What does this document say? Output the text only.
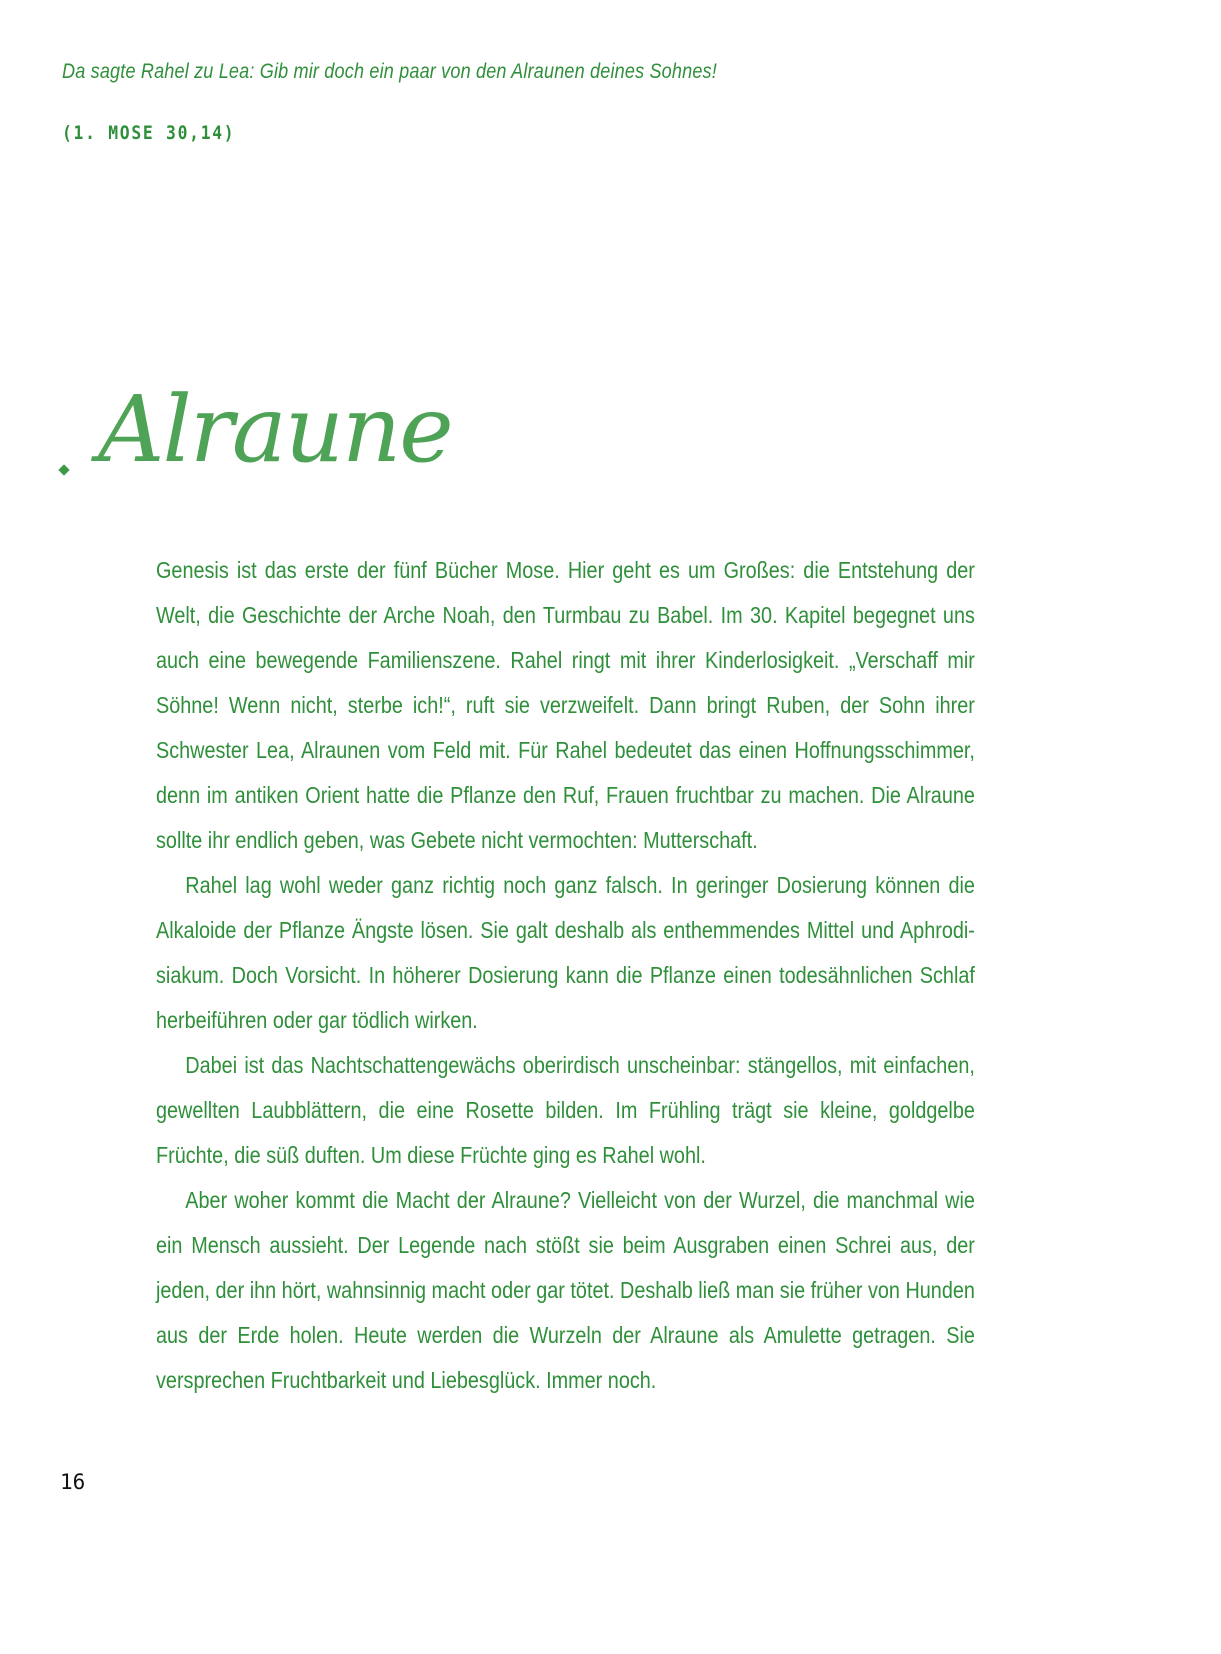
Da sagte Rahel zu Lea: Gib mir doch ein paar von den Alraunen deines Sohnes!
(1. MOSE 30,14)
Alraune

Genesis ist das erste der fünf Bücher Mose. Hier geht es um Großes: die Entstehung der Welt, die Geschichte der Arche Noah, den Turmbau zu Babel. Im 30. Kapitel begegnet uns auch eine bewegende Familienszene. Rahel ringt mit ihrer Kinderlosigkeit. „Verschaff mir Söhne! Wenn nicht, sterbe ich!“, ruft sie verzweifelt. Dann bringt Ruben, der Sohn ihrer Schwester Lea, Alraunen vom Feld mit. Für Rahel bedeutet das einen Hoffnungsschimmer, denn im antiken Orient hatte die Pflanze den Ruf, Frauen fruchtbar zu machen. Die Alraune sollte ihr endlich geben, was Gebete nicht vermochten: Mutterschaft.

Rahel lag wohl weder ganz richtig noch ganz falsch. In geringer Dosierung können die Alkaloide der Pflanze Ängste lösen. Sie galt deshalb als enthemmendes Mittel und Aphrodisiakum. Doch Vorsicht. In höherer Dosierung kann die Pflanze einen todesähnlichen Schlaf herbeiführen oder gar tödlich wirken.

Dabei ist das Nachtschattengewächs oberirdisch unscheinbar: stängellos, mit einfachen, gewellten Laubblättern, die eine Rosette bilden. Im Frühling trägt sie kleine, goldgelbe Früchte, die süß duften. Um diese Früchte ging es Rahel wohl.

Aber woher kommt die Macht der Alraune? Vielleicht von der Wurzel, die manchmal wie ein Mensch aussieht. Der Legende nach stößt sie beim Ausgraben einen Schrei aus, der jeden, der ihn hört, wahnsinnig macht oder gar tötet. Deshalb ließ man sie früher von Hunden aus der Erde holen. Heute werden die Wurzeln der Alraune als Amulette getragen. Sie versprechen Fruchtbarkeit und Liebesglück. Immer noch.

16
